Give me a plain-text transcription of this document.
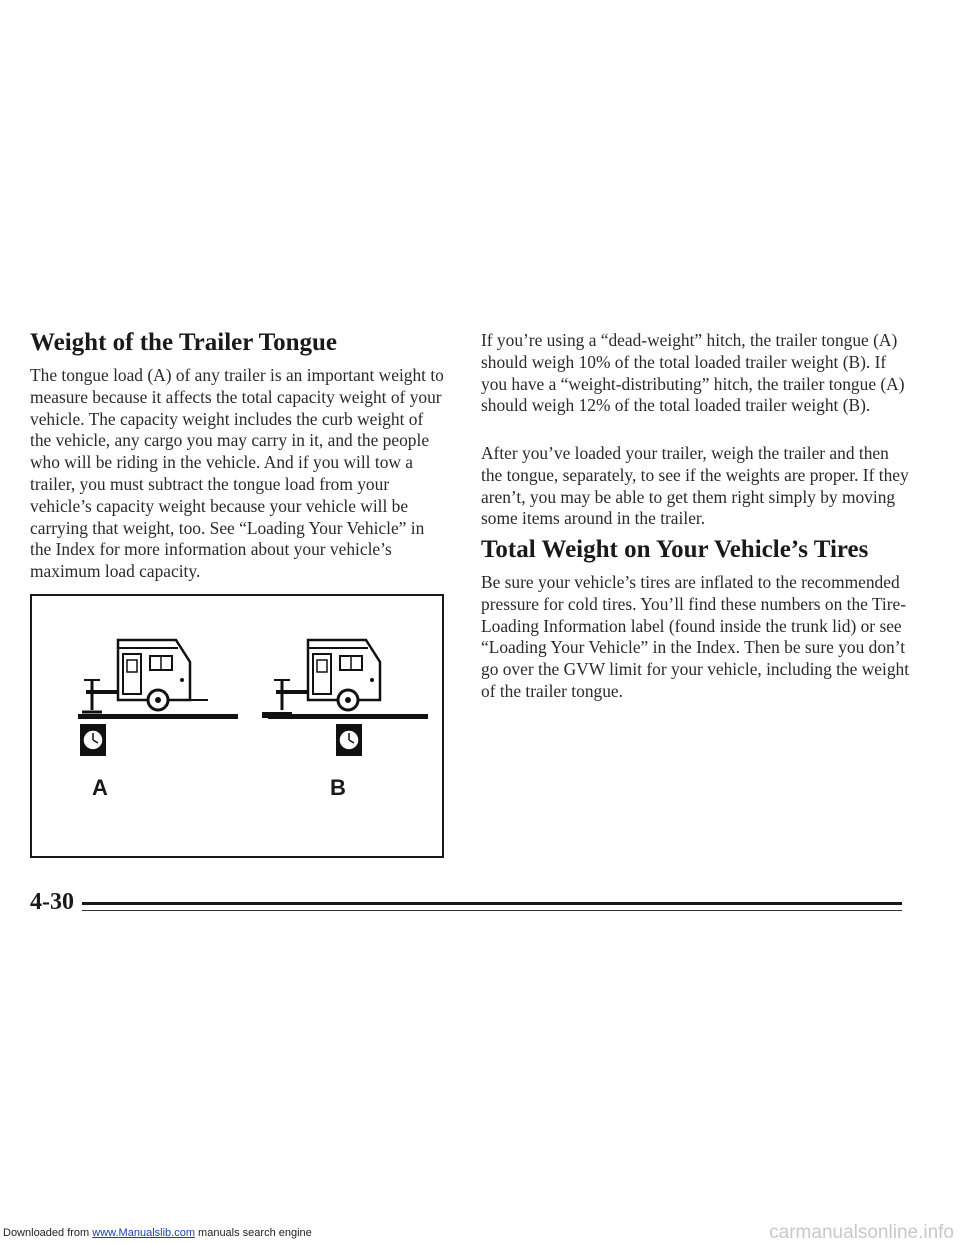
Weight of the Trailer Tongue

The tongue load (A) of any trailer is an important weight to measure because it affects the total capacity weight of your vehicle. The capacity weight includes the curb weight of the vehicle, any cargo you may carry in it, and the people who will be riding in the vehicle. And if you will tow a trailer, you must subtract the tongue load from your vehicle’s capacity weight because your vehicle will be carrying that weight, too. See “Loading Your Vehicle” in the Index for more information about your vehicle’s maximum load capacity.

A	B

If you’re using a “dead-weight” hitch, the trailer tongue (A) should weigh 10% of the total loaded trailer weight (B). If you have a “weight-distributing” hitch, the trailer tongue (A) should weigh 12% of the total loaded trailer weight (B).

After you’ve loaded your trailer, weigh the trailer and then the tongue, separately, to see if the weights are proper. If they aren’t, you may be able to get them right simply by moving some items around in the trailer.

Total Weight on Your Vehicle’s Tires

Be sure your vehicle’s tires are inflated to the recommended pressure for cold tires. You’ll find these numbers on the Tire-Loading Information label (found inside the trunk lid) or see “Loading Your Vehicle” in the Index. Then be sure you don’t go over the GVW limit for your vehicle, including the weight of the trailer tongue.

4-30
Downloaded from www.Manualslib.com manuals search engine	carmanualsonline.info
